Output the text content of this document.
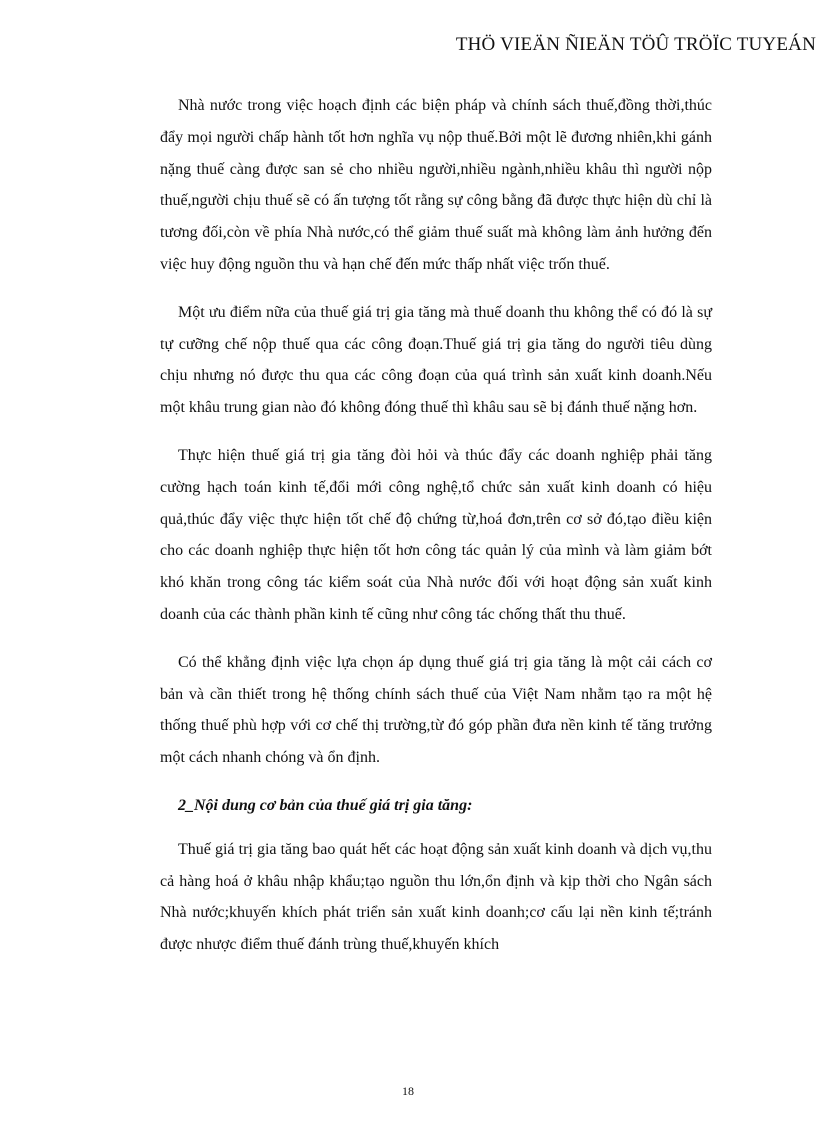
THÖ VIEÄN ÑIEÄN TÖÛ TRÖÏC TUYEÁN

Nhà nước trong việc hoạch định các biện pháp và chính sách thuế,đồng thời,thúc đẩy mọi người chấp hành tốt hơn nghĩa vụ nộp thuế.Bởi một lẽ đương nhiên,khi gánh nặng thuế càng được san sẻ cho nhiều người,nhiều ngành,nhiều khâu thì người nộp thuế,người chịu thuế sẽ có ấn tượng tốt rằng sự công bằng đã được thực hiện dù chỉ là tương đối,còn về phía Nhà nước,có thể giảm thuế suất mà không làm ảnh hưởng đến việc huy động nguồn thu và hạn chế đến mức thấp nhất việc trốn thuế.

Một ưu điểm nữa của thuế giá trị gia tăng mà thuế doanh thu không thể có đó là sự tự cưỡng chế nộp thuế qua các công đoạn.Thuế giá trị gia tăng do người tiêu dùng chịu nhưng nó được thu qua các công đoạn của quá trình sản xuất kinh doanh.Nếu một khâu trung gian nào đó không đóng thuế thì khâu sau sẽ bị đánh thuế nặng hơn.

Thực hiện thuế giá trị gia tăng đòi hỏi và thúc đẩy các doanh nghiệp phải tăng cường hạch toán kinh tế,đổi mới công nghệ,tổ chức sản xuất kinh doanh có hiệu quả,thúc đẩy việc thực hiện tốt chế độ chứng từ,hoá đơn,trên cơ sở đó,tạo điều kiện cho các doanh nghiệp thực hiện tốt hơn công tác quản lý của mình và làm giảm bớt khó khăn trong công tác kiểm soát của Nhà nước đối với hoạt động sản xuất kinh doanh của các thành phần kinh tế cũng như công tác chống thất thu thuế.

Có thể khẳng định việc lựa chọn áp dụng thuế giá trị gia tăng là một cải cách cơ bản và cần thiết trong hệ thống chính sách thuế của Việt Nam nhằm tạo ra một hệ thống thuế phù hợp với cơ chế thị trường,từ đó góp phần đưa nền kinh tế tăng trưởng một cách nhanh chóng và ổn định.

2_Nội dung cơ bản của thuế giá trị gia tăng:

Thuế giá trị gia tăng bao quát hết các hoạt động sản xuất kinh doanh và dịch vụ,thu cả hàng hoá ở khâu nhập khẩu;tạo nguồn thu lớn,ổn định và kịp thời cho Ngân sách Nhà nước;khuyến khích phát triển sản xuất kinh doanh;cơ cấu lại nền kinh tế;tránh được nhược điểm thuế đánh trùng thuế,khuyến khích

18
